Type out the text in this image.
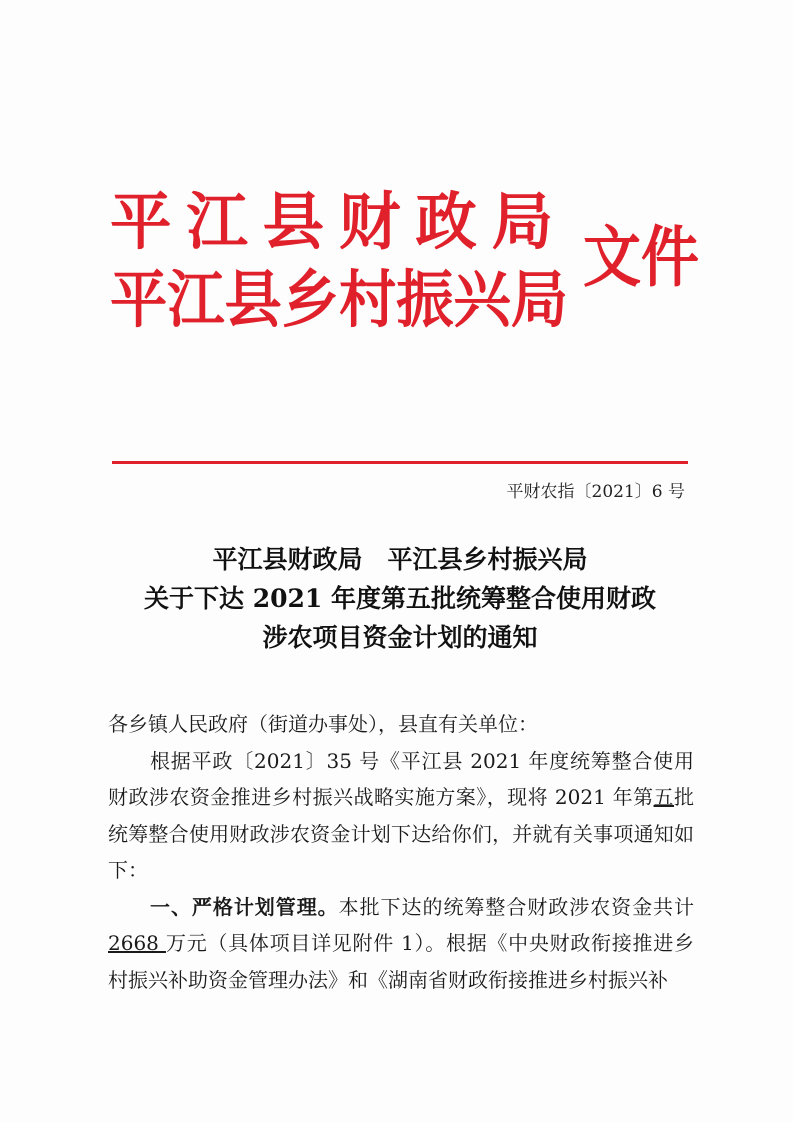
平江县财政局
平江县乡村振兴局
文件
平财农指〔2021〕6 号
平江县财政局　平江县乡村振兴局
关于下达 2021 年度第五批统筹整合使用财政
涉农项目资金计划的通知

各乡镇人民政府（街道办事处），县直有关单位：

根据平政〔2021〕35 号《平江县 2021 年度统筹整合使用财政涉农资金推进乡村振兴战略实施方案》，现将 2021 年第五批统筹整合使用财政涉农资金计划下达给你们，并就有关事项通知如下：

一、严格计划管理。本批下达的统筹整合财政涉农资金共计2668 万元（具体项目详见附件 1）。根据《中央财政衔接推进乡村振兴补助资金管理办法》和《湖南省财政衔接推进乡村振兴补
